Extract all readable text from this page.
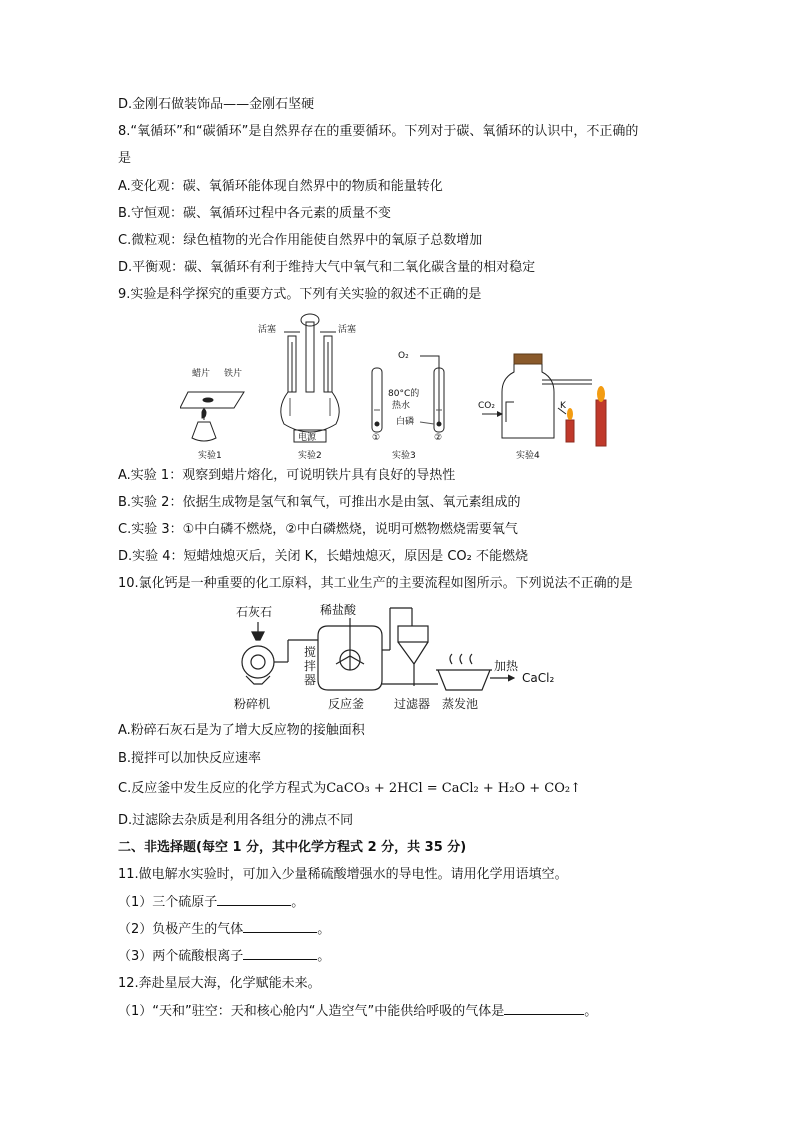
D.金刚石做装饰品——金刚石坚硬
8.“氧循环”和“碳循环”是自然界存在的重要循环。下列对于碳、氧循环的认识中，不正确的
是
A.变化观：碳、氧循环能体现自然界中的物质和能量转化
B.守恒观：碳、氧循环过程中各元素的质量不变
C.微粒观：绿色植物的光合作用能使自然界中的氧原子总数增加
D.平衡观：碳、氧循环有利于维持大气中氧气和二氧化碳含量的相对稳定
9.实验是科学探究的重要方式。下列有关实验的叙述不正确的是
蜡片 铁片
活塞	活塞
电源
O₂
80°C的
热水
白磷
①	②
CO₂	K
实验1	实验2	实验3	实验4
A.实验 1：观察到蜡片熔化，可说明铁片具有良好的导热性
B.实验 2：依据生成物是氢气和氧气，可推出水是由氢、氧元素组成的
C.实验 3：①中白磷不燃烧，②中白磷燃烧，说明可燃物燃烧需要氧气
D.实验 4：短蜡烛熄灭后，关闭 K，长蜡烛熄灭，原因是 CO₂ 不能燃烧
10.氯化钙是一种重要的化工原料，其工业生产的主要流程如图所示。下列说法不正确的是
石灰石	稀盐酸
搅
拌
器
加热
CaCl₂
粉碎机	反应釜 过滤器 蒸发池
A.粉碎石灰石是为了增大反应物的接触面积
B.搅拌可以加快反应速率
C.反应釜中发生反应的化学方程式为CaCO₃ + 2HCl = CaCl₂ + H₂O + CO₂↑
D.过滤除去杂质是利用各组分的沸点不同
二、非选择题(每空 1 分，其中化学方程式 2 分，共 35 分)
11.做电解水实验时，可加入少量稀硫酸增强水的导电性。请用化学用语填空。
（1）三个硫原子	。
（2）负极产生的气体	。
（3）两个硫酸根离子	。
12.奔赴星辰大海，化学赋能未来。
（1）“天和”驻空：天和核心舱内“人造空气”中能供给呼吸的气体是	。
